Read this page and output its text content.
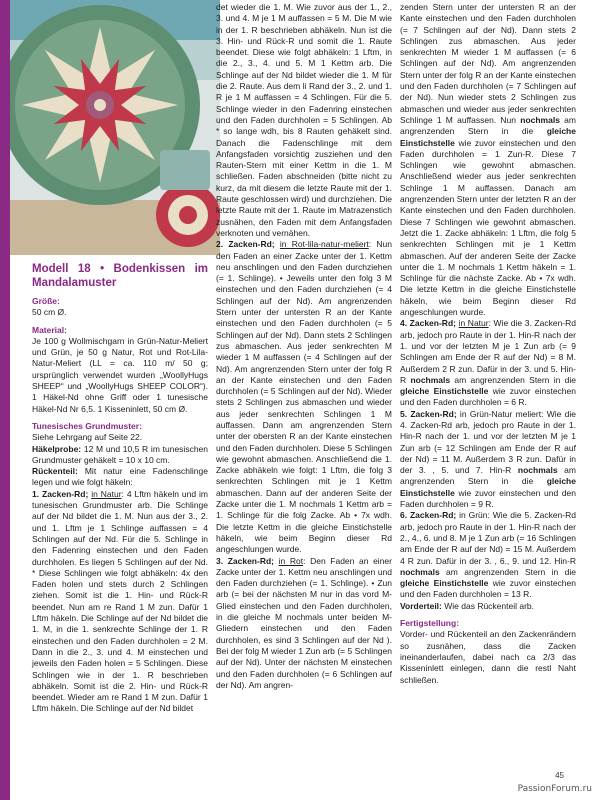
Modell 18 • Bodenkissen im Mandalamuster

Größe:

50 cm Ø.

Material:

Je 100 g Wollmischgarn in Grün-Natur-Meliert und Grün, je 50 g Natur, Rot und Rot-Lila-Natur-Meliert (LL = ca. 110 m/ 50 g; ursprünglich verwendet wurden „WoollyHugs SHEEP“ und „WoollyHugs SHEEP COLOR“). 1 Häkel-Nd ohne Griff oder 1 tunesische Häkel-Nd Nr 6,5. 1 Kisseninlett, 50 cm Ø.

Tunesisches Grundmuster:

Siehe Lehrgang auf Seite 22.

Häkelprobe: 12 M und 10,5 R im tunesischen Grundmuster gehäkelt = 10 x 10 cm.

Rückenteil: Mit natur eine Fadenschlinge legen und wie folgt häkeln:

1. Zacken-Rd; in Natur: 4 Lftm häkeln und im tunesischen Grundmuster arb. Die Schlinge auf der Nd bildet die 1. M. Nun aus der 3., 2. und 1. Lftm je 1 Schlinge auffassen = 4 Schlingen auf der Nd. Für die 5. Schlinge in den Fadenring einstechen und den Faden durchholen. Es liegen 5 Schlingen auf der Nd. * Diese Schlingen wie folgt abhäkeln: 4x den Faden holen und stets durch 2 Schlingen ziehen. Somit ist die 1. Hin- und Rück-R beendet. Nun am re Rand 1 M zun. Dafür 1 Lftm häkeln. Die Schlinge auf der Nd bildet die 1. M, in die 1. senkrechte Schlinge der 1. R einstechen und den Faden durchholen = 2 M. Dann in die 2., 3. und 4. M einstechen und jeweils den Faden holen = 5 Schlingen. Diese Schlingen wie in der 1. R beschrieben abhäkeln. Somit ist die 2. Hin- und Rück-R beendet. Wieder am re Rand 1 M zun. Dafür 1 Lftm häkeln. Die Schlinge auf der Nd bildet

det wieder die 1. M. Wie zuvor aus der 1., 2., 3. und 4. M je 1 M auffassen = 5 M. Die M wie in der 1. R beschrieben abhäkeln. Nun ist die 3. Hin- und Rück-R und somit die 1. Raute beendet. Diese wie folgt abhäkeln: 1 Lftm, in die 2., 3., 4. und 5. M 1 Kettm arb. Die Schlinge auf der Nd bildet wieder die 1. M für die 2. Raute. Aus dem li Rand der 3., 2. und 1. R je 1 M auffassen = 4 Schlingen. Für die 5. Schlinge wieder in den Fadenring einstechen und den Faden durchholen = 5 Schlingen. Ab * so lange wdh, bis 8 Rauten gehäkelt sind. Danach die Fadenschlinge mit dem Anfangsfaden vorsichtig zusziehen und den Rauten-Stern mit einer Kettm in die 1. M schließen. Faden abschneiden (bitte nicht zu kurz, da mit diesem die letzte Raute mit der 1. Raute geschlossen wird) und durchziehen. Die letzte Raute mit der 1. Raute im Matrazenstich zusnähen, den Faden mit dem Anfangsfaden verknoten und vernähen.

2. Zacken-Rd; in Rot-lila-natur-meliert: Nun den Faden an einer Zacke unter der 1. Kettm neu anschlingen und den Faden durchziehen (= 1. Schlinge). • Jeweils unter den folg 3 M einstechen und den Faden durchziehen (= 4 Schlingen auf der Nd). Am angrenzenden Stern unter der untersten R an der Kante einstechen und den Faden durchholen (= 5 Schlingen auf der Nd). Dann stets 2 Schlingen zus abmaschen. Aus jeder senkrechten M wieder 1 M auffassen (= 4 Schlingen auf der Nd). Am angrenzenden Stern unter der folg R an der Kante einstechen und den Faden durchholen (= 5 Schlingen auf der Nd). Wieder stets 2 Schlingen zus abmaschen und wieder aus jeder senkrechten Schlingen 1 M auffassen. Dann am angrenzenden Stern unter der obersten R an der Kante einstechen und den Faden durchholen. Diese 5 Schlingen wie gewohnt abmaschen. Anschließend die 1. Zacke abhäkeln wie folgt: 1 Lftm, die folg 3 senkrechten Schlingen mit je 1 Kettm abmaschen. Dann auf der anderen Seite der Zacke unter die 1. M nochmals 1 Kettm arb = 1. Schlinge für die folg Zacke. Ab • 7x wdh. Die letzte Kettm in die gleiche Einstichstelle häkeln, wie beim Beginn dieser Rd angeschlungen wurde.

3. Zacken-Rd; in Rot: Den Faden an einer Zacke unter der 1. Kettm neu anschlingen und den Faden durchziehen (= 1. Schlinge). • Zun arb (= bei der nächsten M nur in das vord M-Glied einstechen und den Faden durchholen, in die gleiche M nochmals unter beiden M-Gliedern einstechen und den Faden durchholen, es sind 3 Schlingen auf der Nd ). Bei der folg M wieder 1 Zun arb (= 5 Schlingen auf der Nd). Unter der nächsten M einstechen und den Faden durchholen (= 6 Schlingen auf der Nd). Am angren-

zenden Stern unter der untersten R an der Kante einstechen und den Faden durchholen (= 7 Schlingen auf der Nd). Dann stets 2 Schlingen zus abmaschen. Aus jeder senkrechten M wieder 1 M auffassen (= 6 Schlingen auf der Nd). Am angrenzenden Stern unter der folg R an der Kante einstechen und den Faden durchholen (= 7 Schlingen auf der Nd). Nun wieder stets 2 Schlingen zus abmaschen und wieder aus jeder senkrechten Schlinge 1 M auffassen. Nun nochmals am angrenzenden Stern in die gleiche Einstichstelle wie zuvor einstechen und den Faden durchholen = 1 Zun-R. Diese 7 Schlingen wie gewohnt abmaschen. Anschließend wieder aus jeder senkrechten Schlinge 1 M auffassen. Danach am angrenzenden Stern unter der letzten R an der Kante einstechen und den Faden durchholen. Diese 7 Schlingen wie gewohnt abmaschen. Jetzt die 1. Zacke abhäkeln: 1 Lftm, die folg 5 senkrechten Schlingen mit je 1 Kettm abmaschen. Auf der anderen Seite der Zacke unter die 1. M nochmals 1 Kettm häkeln = 1. Schlinge für die nächste Zacke. Ab • 7x wdh. Die letzte Kettm in die gleiche Einstichstelle häkeln, wie beim Beginn dieser Rd angeschlungen wurde.

4. Zacken-Rd; in Natur: Wie die 3. Zacken-Rd arb, jedoch pro Raute in der 1. Hin-R nach der 1. und vor der letzten M je 1 Zun arb (= 9 Schlingen am Ende der R auf der Nd) = 8 M. Außerdem 2 R zun. Dafür in der 3. und 5. Hin-R nochmals am angrenzenden Stern in die gleiche Einstichstelle wie zuvor einstechen und den Faden durchholen = 6 R.

5. Zacken-Rd; in Grün-Natur meliert: Wie die 4. Zacken-Rd arb, jedoch pro Raute in der 1. Hin-R nach der 1. und vor der letzten M je 1 Zun arb (= 12 Schlingen am Ende der R auf der Nd) = 11 M. Außerdem 3 R zun. Dafür in der 3. , 5. und 7. Hin-R nochmals am angrenzenden Stern in die gleiche Einstichstelle wie zuvor einstechen und den Faden durchholen = 9 R.

6. Zacken-Rd; in Grün: Wie die 5. Zacken-Rd arb, jedoch pro Raute in der 1. Hin-R nach der 2., 4., 6. und 8. M je 1 Zun arb (= 16 Schlingen am Ende der R auf der Nd) = 15 M. Außerdem 4 R zun. Dafür in der 3. , 6., 9. und 12. Hin-R nochmals am angrenzenden Stern in die gleiche Einstichstelle wie zuvor einstechen und den Faden durchholen = 13 R.

Vorderteil: Wie das Rückenteil arb.

Fertigstellung:

Vorder- und Rückenteil an den Zackenrändern so zusnähen, dass die Zacken ineinanderlaufen, dabei nach ca 2/3 das Kisseninlett einlegen, dann die restl Naht schließen.

45
PassionForum.ru
